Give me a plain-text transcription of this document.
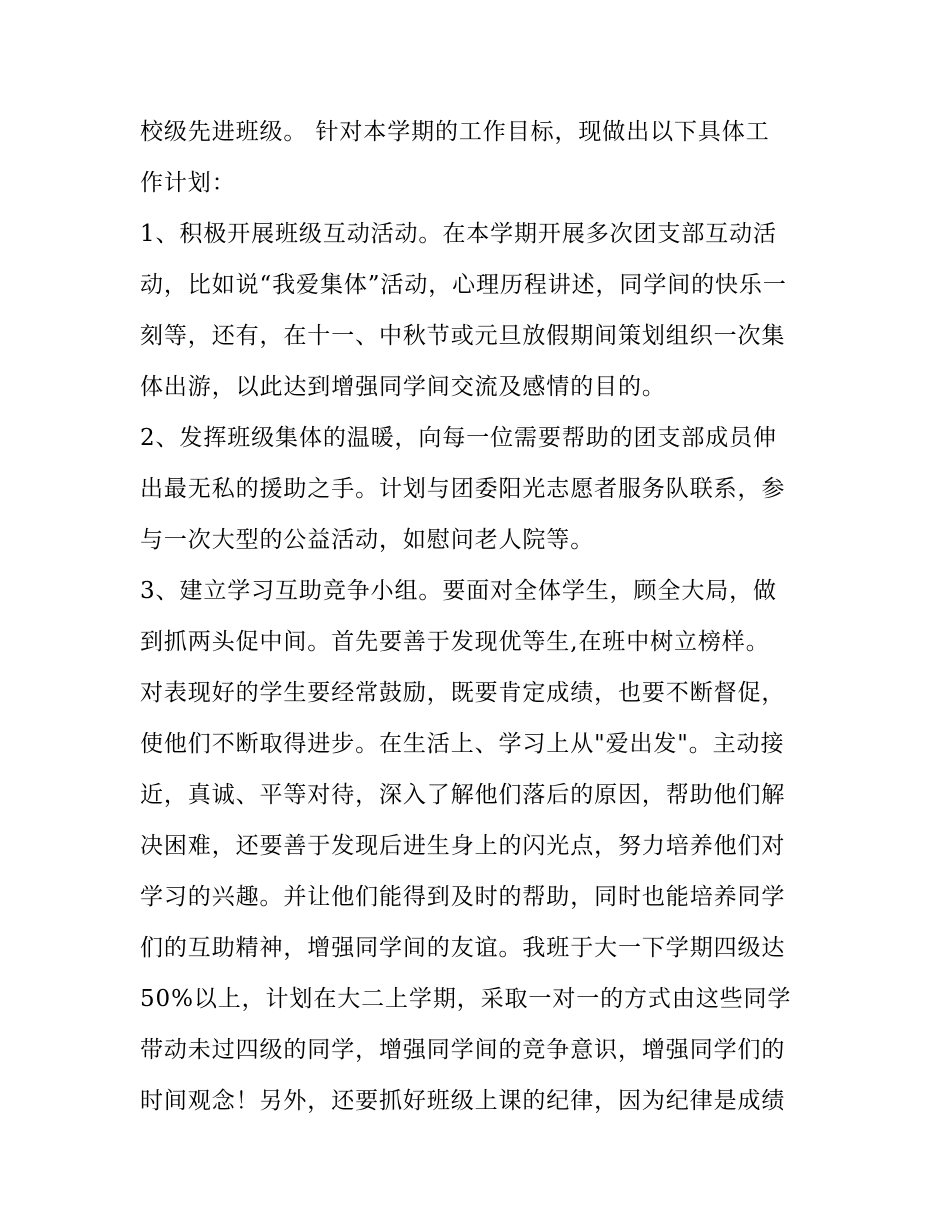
校级先进班级。 针对本学期的工作目标，现做出以下具体工
作计划：
1、积极开展班级互动活动。在本学期开展多次团支部互动活
动，比如说“我爱集体”活动，心理历程讲述，同学间的快乐一
刻等，还有，在十一、中秋节或元旦放假期间策划组织一次集
体出游，以此达到增强同学间交流及感情的目的。
2、发挥班级集体的温暖，向每一位需要帮助的团支部成员伸
出最无私的援助之手。计划与团委阳光志愿者服务队联系，参
与一次大型的公益活动，如慰问老人院等。
3、建立学习互助竞争小组。要面对全体学生，顾全大局，做
到抓两头促中间。首先要善于发现优等生,在班中树立榜样。
对表现好的学生要经常鼓励，既要肯定成绩，也要不断督促，
使他们不断取得进步。在生活上、学习上从"爱出发"。主动接
近，真诚、平等对待，深入了解他们落后的原因，帮助他们解
决困难，还要善于发现后进生身上的闪光点，努力培养他们对
学习的兴趣。并让他们能得到及时的帮助，同时也能培养同学
们的互助精神，增强同学间的友谊。我班于大一下学期四级达
50%以上，计划在大二上学期，采取一对一的方式由这些同学
带动未过四级的同学，增强同学间的竞争意识，增强同学们的
时间观念！另外，还要抓好班级上课的纪律，因为纪律是成绩
